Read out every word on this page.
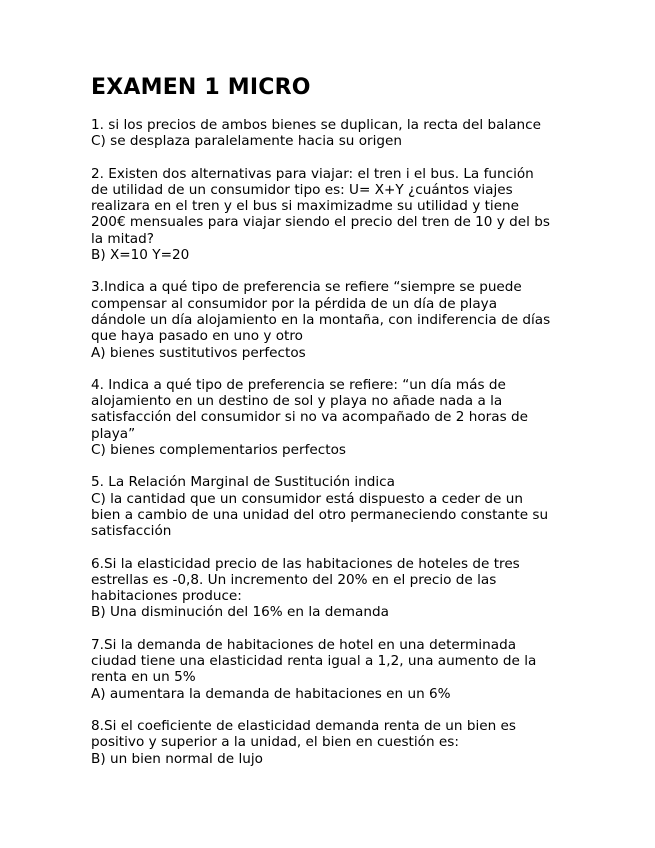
EXAMEN 1 MICRO
1. si los precios de ambos bienes se duplican, la recta del balance
C) se desplaza paralelamente hacia su origen
2. Existen dos alternativas para viajar: el tren i el bus. La función
de utilidad de un consumidor tipo es: U= X+Y ¿cuántos viajes
realizara en el tren y el bus si maximizadme su utilidad y tiene
200€ mensuales para viajar siendo el precio del tren de 10 y del bs
la mitad?
B) X=10 Y=20
3.Indica a qué tipo de preferencia se refiere “siempre se puede
compensar al consumidor por la pérdida de un día de playa
dándole un día alojamiento en la montaña, con indiferencia de días
que haya pasado en uno y otro
A) bienes sustitutivos perfectos
4. Indica a qué tipo de preferencia se refiere: “un día más de
alojamiento en un destino de sol y playa no añade nada a la
satisfacción del consumidor si no va acompañado de 2 horas de
playa”
C) bienes complementarios perfectos
5. La Relación Marginal de Sustitución indica
C) la cantidad que un consumidor está dispuesto a ceder de un
bien a cambio de una unidad del otro permaneciendo constante su
satisfacción
6.Si la elasticidad precio de las habitaciones de hoteles de tres
estrellas es -0,8. Un incremento del 20% en el precio de las
habitaciones produce:
B) Una disminución del 16% en la demanda
7.Si la demanda de habitaciones de hotel en una determinada
ciudad tiene una elasticidad renta igual a 1,2, una aumento de la
renta en un 5%
A) aumentara la demanda de habitaciones en un 6%
8.Si el coeficiente de elasticidad demanda renta de un bien es
positivo y superior a la unidad, el bien en cuestión es:
B) un bien normal de lujo
